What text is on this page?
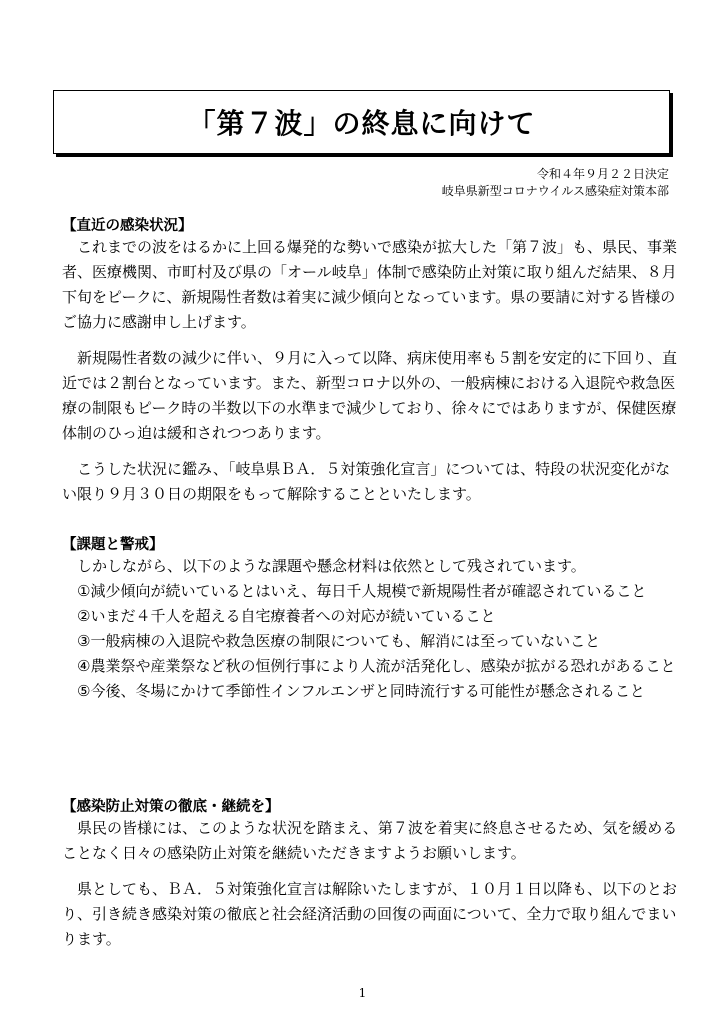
「第７波」の終息に向けて
令和４年９月２２日決定
岐阜県新型コロナウイルス感染症対策本部

【直近の感染状況】

これまでの波をはるかに上回る爆発的な勢いで感染が拡大した「第７波」も、県民、事業者、医療機関、市町村及び県の「オール岐阜」体制で感染防止対策に取り組んだ結果、８月下旬をピークに、新規陽性者数は着実に減少傾向となっています。県の要請に対する皆様のご協力に感謝申し上げます。

新規陽性者数の減少に伴い、９月に入って以降、病床使用率も５割を安定的に下回り、直近では２割台となっています。また、新型コロナ以外の、一般病棟における入退院や救急医療の制限もピーク時の半数以下の水準まで減少しており、徐々にではありますが、保健医療体制のひっ迫は緩和されつつあります。

こうした状況に鑑み、「岐阜県ＢＡ．５対策強化宣言」については、特段の状況変化がない限り９月３０日の期限をもって解除することといたします。

【課題と警戒】

しかしながら、以下のような課題や懸念材料は依然として残されています。

①減少傾向が続いているとはいえ、毎日千人規模で新規陽性者が確認されていること
②いまだ４千人を超える自宅療養者への対応が続いていること
③一般病棟の入退院や救急医療の制限についても、解消には至っていないこと
④農業祭や産業祭など秋の恒例行事により人流が活発化し、感染が拡がる恐れがあること
⑤今後、冬場にかけて季節性インフルエンザと同時流行する可能性が懸念されること

【感染防止対策の徹底・継続を】

県民の皆様には、このような状況を踏まえ、第７波を着実に終息させるため、気を緩めることなく日々の感染防止対策を継続いただきますようお願いします。

県としても、ＢＡ．５対策強化宣言は解除いたしますが、１０月１日以降も、以下のとおり、引き続き感染対策の徹底と社会経済活動の回復の両面について、全力で取り組んでまいります。

1
